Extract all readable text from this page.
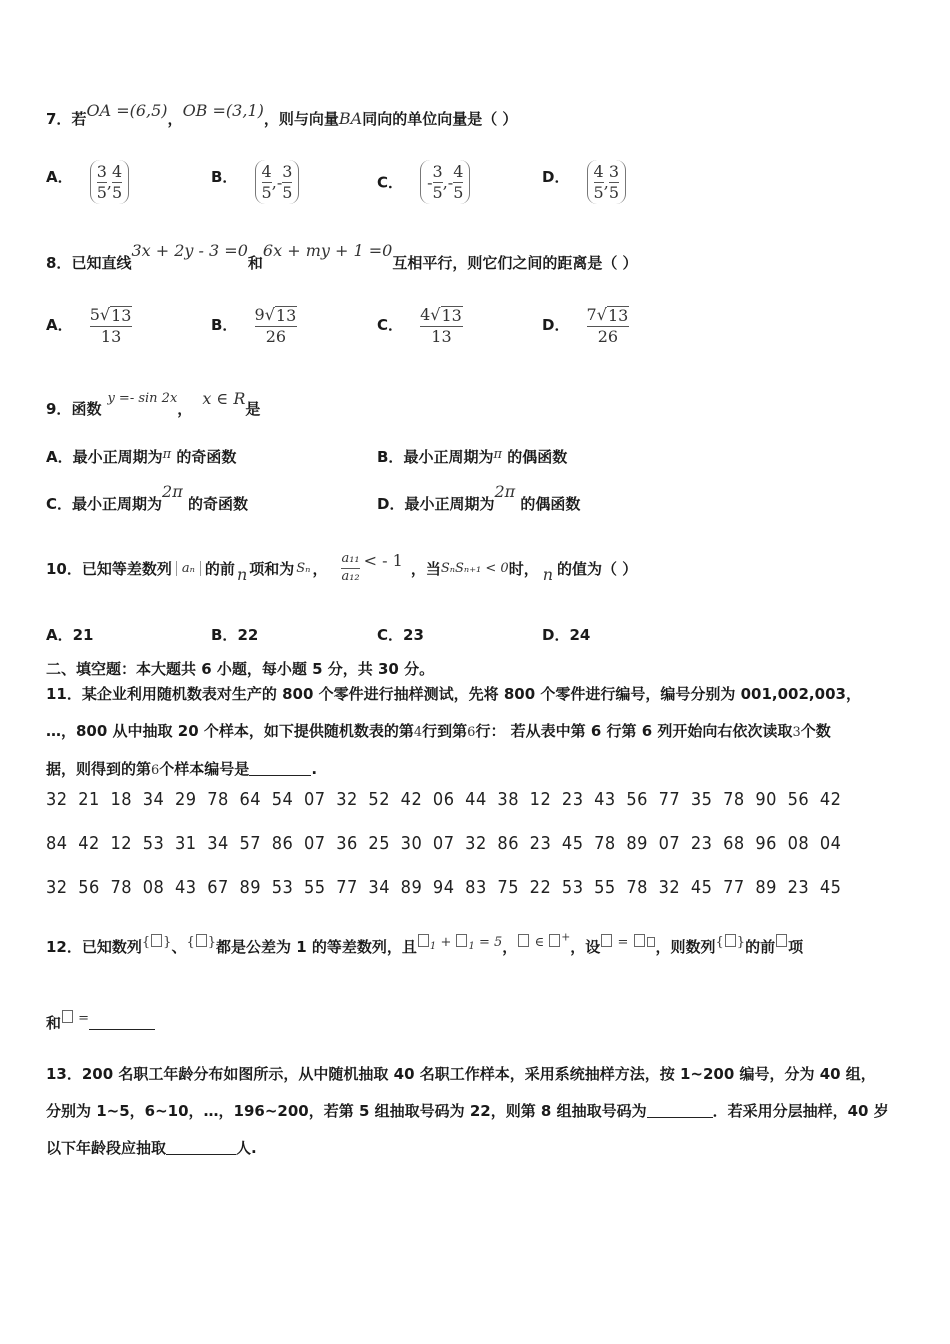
7．若OA =(6,5)，OB =(3,1)，则与向量BA同向的单位向量是（ ）
A． $\frac{3}{5}$ , $\frac{4}{5}$	B． $\frac{4}{5}$ , - $\frac{3}{5}$	C． - $\frac{3}{5}$ , - $\frac{4}{5}$	D． $\frac{4}{5}$ , $\frac{3}{5}$
8．已知直线3x + 2y - 3 =0和6x + my + 1 =0互相平行，则它们之间的距离是（ ）
A． $\frac{5 √ 13}{13}$	B． $\frac{9 √ 13}{26}$	C． $\frac{4 √ 13}{13}$	D． $\frac{7 √ 13}{26}$
9．函数y =- sin 2x，x ∈ R是
A．最小正周期为π 的奇函数	B．最小正周期为π 的偶函数
C．最小正周期为2π 的奇函数	D．最小正周期为2π 的偶函数
10． 已知等差数列 aₙ 的前 n 项和为 Sₙ ， $\frac{\text{a₁₁}}{\text{a₁₂}}$ < - 1 ，当 SₙSₙ₊₁ < 0 时， n 的值为（ ）
A．21	B．22	C．23	D．24
二、填空题：本大题共 6 小题，每小题 5 分，共 30 分。
11．某企业利用随机数表对生产的 800 个零件进行抽样测试，先将 800 个零件进行编号，编号分别为 001,002,003，
…，800 从中抽取 20 个样本，如下提供随机数表的第4行到第6行： 若从表中第 6 行第 6 列开始向右依次读取3个数
据，则得到的第6个样本编号是	.
32 21 18 34 29 78 64 54 07 32 52 42 06 44 38 12 23 43 56 77 35 78 90 56 42
84 42 12 53 31 34 57 86 07 36 25 30 07 32 86 23 45 78 89 07 23 68 96 08 04
32 56 78 08 43 67 89 53 55 77 34 89 94 83 75 22 53 55 78 32 45 77 89 23 45
12．已知数列{ }、{ }都是公差为 1 的等差数列，且 $_1$ + $_1$ = 5， ∈ +，设 = ，则数列{ }的前 项
和 =
13．200 名职工年龄分布如图所示，从中随机抽取 40 名职工作样本，采用系统抽样方法，按 1~200 编号，分为 40 组，
分别为 1~5，6~10，…，196~200，若第 5 组抽取号码为 22，则第 8 组抽取号码为	．若采用分层抽样，40 岁
以下年龄段应抽取	人.
